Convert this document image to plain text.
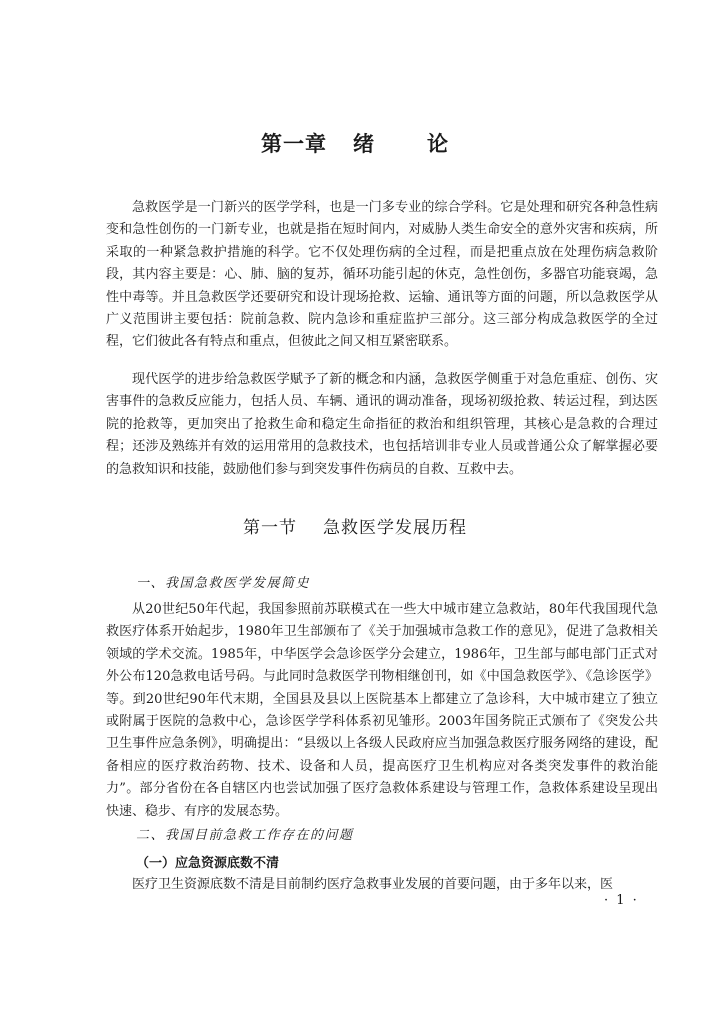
第一章 绪 论

急救医学是一门新兴的医学学科，也是一门多专业的综合学科。它是处理和研究各种急性病变和急性创伤的一门新专业，也就是指在短时间内，对威胁人类生命安全的意外灾害和疾病，所采取的一种紧急救护措施的科学。它不仅处理伤病的全过程，而是把重点放在处理伤病急救阶段，其内容主要是：心、肺、脑的复苏，循环功能引起的休克，急性创伤，多器官功能衰竭，急性中毒等。并且急救医学还要研究和设计现场抢救、运输、通讯等方面的问题，所以急救医学从广义范围讲主要包括：院前急救、院内急诊和重症监护三部分。这三部分构成急救医学的全过程，它们彼此各有特点和重点，但彼此之间又相互紧密联系。

现代医学的进步给急救医学赋予了新的概念和内涵，急救医学侧重于对急危重症、创伤、灾害事件的急救反应能力，包括人员、车辆、通讯的调动准备，现场初级抢救、转运过程，到达医院的抢救等，更加突出了抢救生命和稳定生命指征的救治和组织管理，其核心是急救的合理过程；还涉及熟练并有效的运用常用的急救技术，也包括培训非专业人员或普通公众了解掌握必要的急救知识和技能，鼓励他们参与到突发事件伤病员的自救、互救中去。

第一节 急救医学发展历程
一、我国急救医学发展简史

从20世纪50年代起，我国参照前苏联模式在一些大中城市建立急救站，80年代我国现代急救医疗体系开始起步，1980年卫生部颁布了《关于加强城市急救工作的意见》，促进了急救相关领域的学术交流。1985年，中华医学会急诊医学分会建立，1986年，卫生部与邮电部门正式对外公布120急救电话号码。与此同时急救医学刊物相继创刊，如《中国急救医学》、《急诊医学》等。到20世纪90年代末期，全国县及县以上医院基本上都建立了急诊科，大中城市建立了独立或附属于医院的急救中心，急诊医学学科体系初见雏形。2003年国务院正式颁布了《突发公共卫生事件应急条例》，明确提出：“县级以上各级人民政府应当加强急救医疗服务网络的建设，配备相应的医疗救治药物、技术、设备和人员，提高医疗卫生机构应对各类突发事件的救治能力”。部分省份在各自辖区内也尝试加强了医疗急救体系建设与管理工作，急救体系建设呈现出快速、稳步、有序的发展态势。

二、我国目前急救工作存在的问题
（一）应急资源底数不清

医疗卫生资源底数不清是目前制约医疗急救事业发展的首要问题，由于多年以来，医

· 1 ·
